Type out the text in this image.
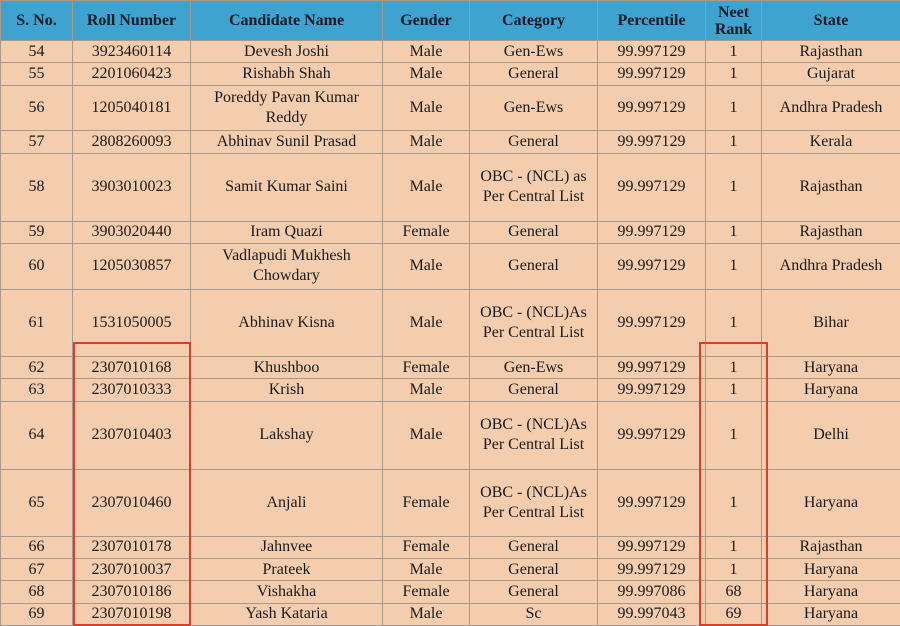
S. No.	Roll Number	Candidate Name	Gender	Category	Percentile	Neet Rank	State
54	3923460114	Devesh Joshi	Male	Gen-Ews	99.997129	1	Rajasthan
55	2201060423	Rishabh Shah	Male	General	99.997129	1	Gujarat
56	1205040181	Poreddy Pavan Kumar Reddy	Male	Gen-Ews	99.997129	1	Andhra Pradesh
57	2808260093	Abhinav Sunil Prasad	Male	General	99.997129	1	Kerala
58	3903010023	Samit Kumar Saini	Male	OBC - (NCL) as Per Central List	99.997129	1	Rajasthan
59	3903020440	Iram Quazi	Female	General	99.997129	1	Rajasthan
60	1205030857	Vadlapudi Mukhesh Chowdary	Male	General	99.997129	1	Andhra Pradesh
61	1531050005	Abhinav Kisna	Male	OBC - (NCL)As Per Central List	99.997129	1	Bihar
62	2307010168	Khushboo	Female	Gen-Ews	99.997129	1	Haryana
63	2307010333	Krish	Male	General	99.997129	1	Haryana
64	2307010403	Lakshay	Male	OBC - (NCL)As Per Central List	99.997129	1	Delhi
65	2307010460	Anjali	Female	OBC - (NCL)As Per Central List	99.997129	1	Haryana
66	2307010178	Jahnvee	Female	General	99.997129	1	Rajasthan
67	2307010037	Prateek	Male	General	99.997129	1	Haryana
68	2307010186	Vishakha	Female	General	99.997086	68	Haryana
69	2307010198	Yash Kataria	Male	Sc	99.997043	69	Haryana
